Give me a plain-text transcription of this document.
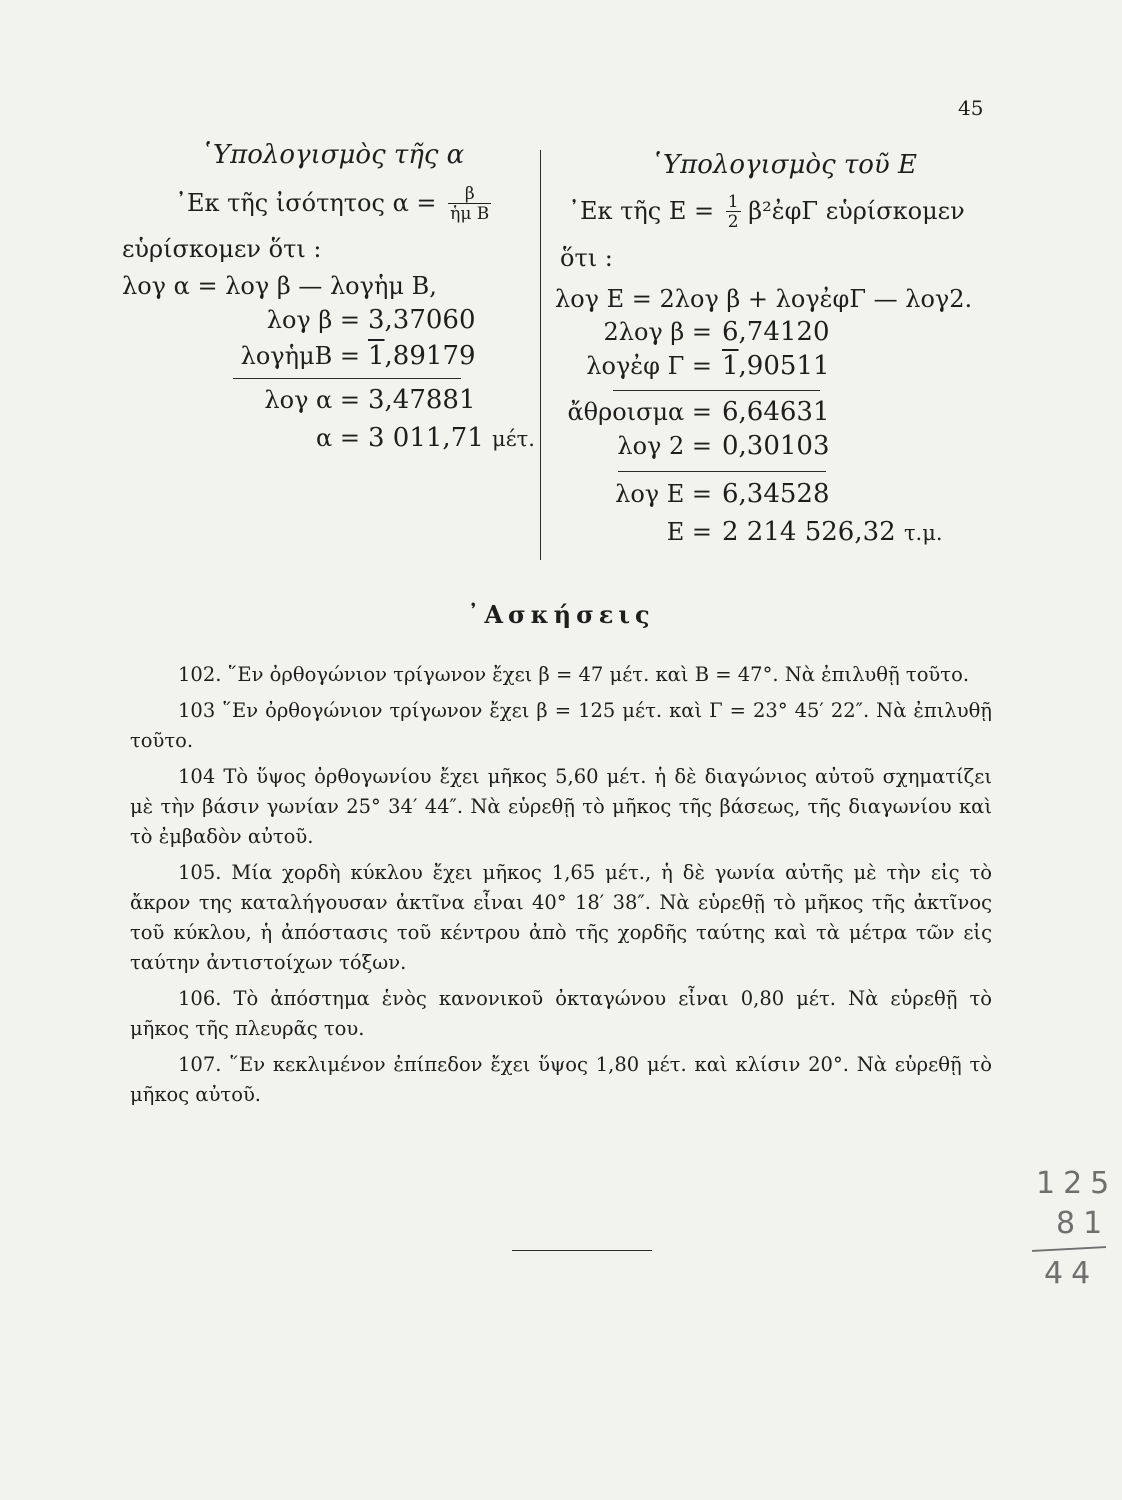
45
῾Υπολογισμὸς τῆς α
᾿Εκ τῆς ἰσότητος $\alpha = \frac{\beta}{\text{ἡμ B}}$
εὑρίσκομεν ὅτι :
λογ α = λογ β — λογἡμ B,
λογ β = 3,37060
λογἡμB = 1,89179
λογ α = 3,47881
α = 3 011,71 μέτ.
῾Υπολογισμὸς τοῦ E
᾿Εκ τῆς $E = \frac{1}{2}$ β²ἐφΓ εὑρίσκομεν
ὅτι :
λογ E = 2λογ β + λογἐφΓ — λογ2.
2λογ β = 6,74120
λογἐφ Γ = 1,90511
ἄθροισμα = 6,64631
λογ 2 = 0,30103
λογ E = 6,34528
E = 2 214 526,32 τ.μ.
᾿Ασκήσεις

102. ῞Εν ὀρθογώνιον τρίγωνον ἔχει β = 47 μέτ. καὶ B = 47°. Νὰ ἐπιλυθῇ τοῦτο.

103 ῞Εν ὀρθογώνιον τρίγωνον ἔχει β = 125 μέτ. καὶ Γ = 23° 45′ 22″. Νὰ ἐπιλυθῇ τοῦτο.

104 Τὸ ὕψος ὀρθογωνίου ἔχει μῆκος 5,60 μέτ. ἡ δὲ διαγώνιος αὐτοῦ σχηματίζει μὲ τὴν βάσιν γωνίαν 25° 34′ 44″. Νὰ εὑρεθῇ τὸ μῆκος τῆς βάσεως, τῆς διαγωνίου καὶ τὸ ἐμβαδὸν αὐτοῦ.

105. Μία χορδὴ κύκλου ἔχει μῆκος 1,65 μέτ., ἡ δὲ γωνία αὐτῆς μὲ τὴν εἰς τὸ ἄκρον της καταλήγουσαν ἀκτῖνα εἶναι 40° 18′ 38″. Νὰ εὑρεθῇ τὸ μῆκος τῆς ἀκτῖνος τοῦ κύκλου, ἡ ἀπόστασις τοῦ κέντρου ἀπὸ τῆς χορδῆς ταύτης καὶ τὰ μέτρα τῶν εἰς ταύτην ἀντιστοίχων τόξων.

106. Τὸ ἀπόστημα ἑνὸς κανονικοῦ ὀκταγώνου εἶναι 0,80 μέτ. Νὰ εὑρεθῇ τὸ μῆκος τῆς πλευρᾶς του.

107. ῞Εν κεκλιμένον ἐπίπεδον ἔχει ὕψος 1,80 μέτ. καὶ κλίσιν 20°. Νὰ εὑρεθῇ τὸ μῆκος αὐτοῦ.

125
81
44
